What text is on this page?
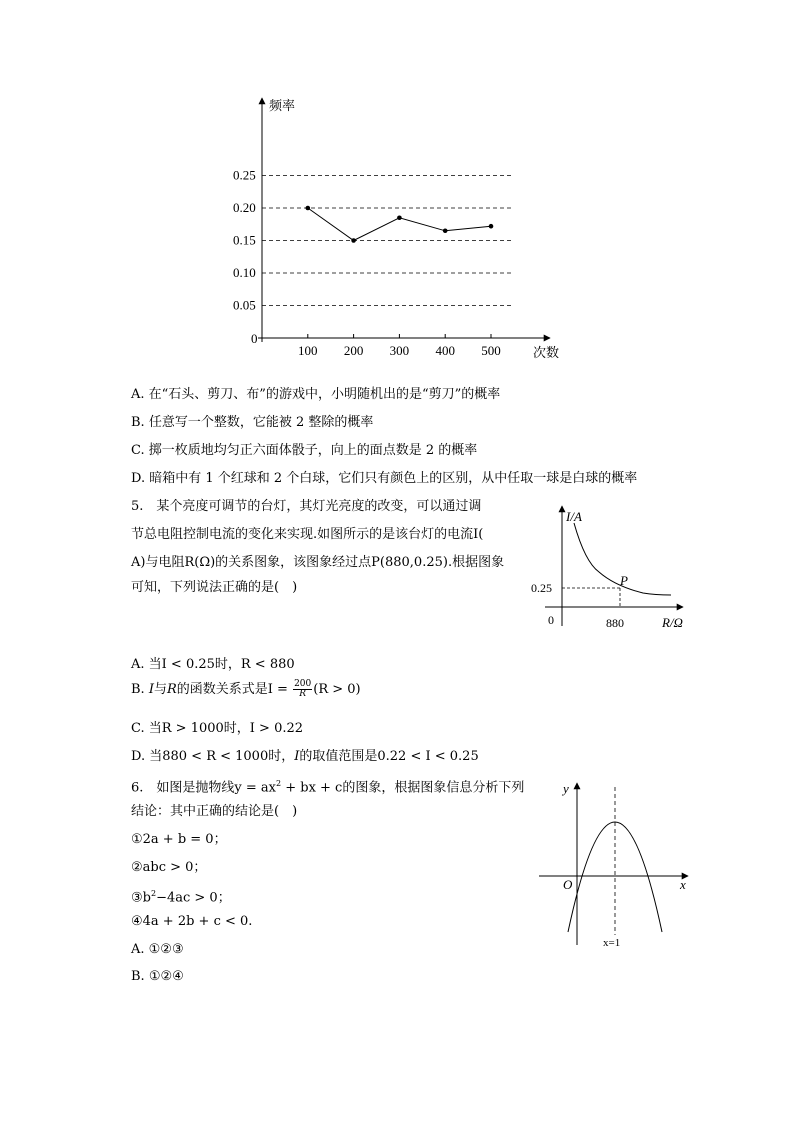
0.25
0.20
0.15
0.10
0.05
100 200 300 400 500
频率
次数
0
A. 在“石头、剪刀、布”的游戏中，小明随机出的是“剪刀”的概率
B. 任意写一个整数，它能被 2 整除的概率
C. 掷一枚质地均匀正六面体骰子，向上的面点数是 2 的概率
D. 暗箱中有 1 个红球和 2 个白球，它们只有颜色上的区别，从中任取一球是白球的概率
5.　某个亮度可调节的台灯，其灯光亮度的改变，可以通过调
节总电阻控制电流的变化来实现.如图所示的是该台灯的电流I(
A)与电阻R(Ω)的关系图象，该图象经过点P(880,0.25).根据图象
可知，下列说法正确的是(　)
I/A
P
0.25
0	880	R/Ω
A. 当I < 0.25时，R < 880
B. I与R的函数关系式是$I = \frac{200}{R} (R > 0)$
C. 当R > 1000时，I > 0.22
D. 当880 < R < 1000时，I的取值范围是0.22 < I < 0.25
6.　如图是抛物线$y = ax^2$ + bx + c的图象，根据图象信息分析下列
结论：其中正确的结论是(　)
①2a + b = 0；
②abc > 0；
$③b^2-4ac > 0$；
④4a + 2b + c < 0.
A. ①②③
B. ①②④
y
x
O
x=1
